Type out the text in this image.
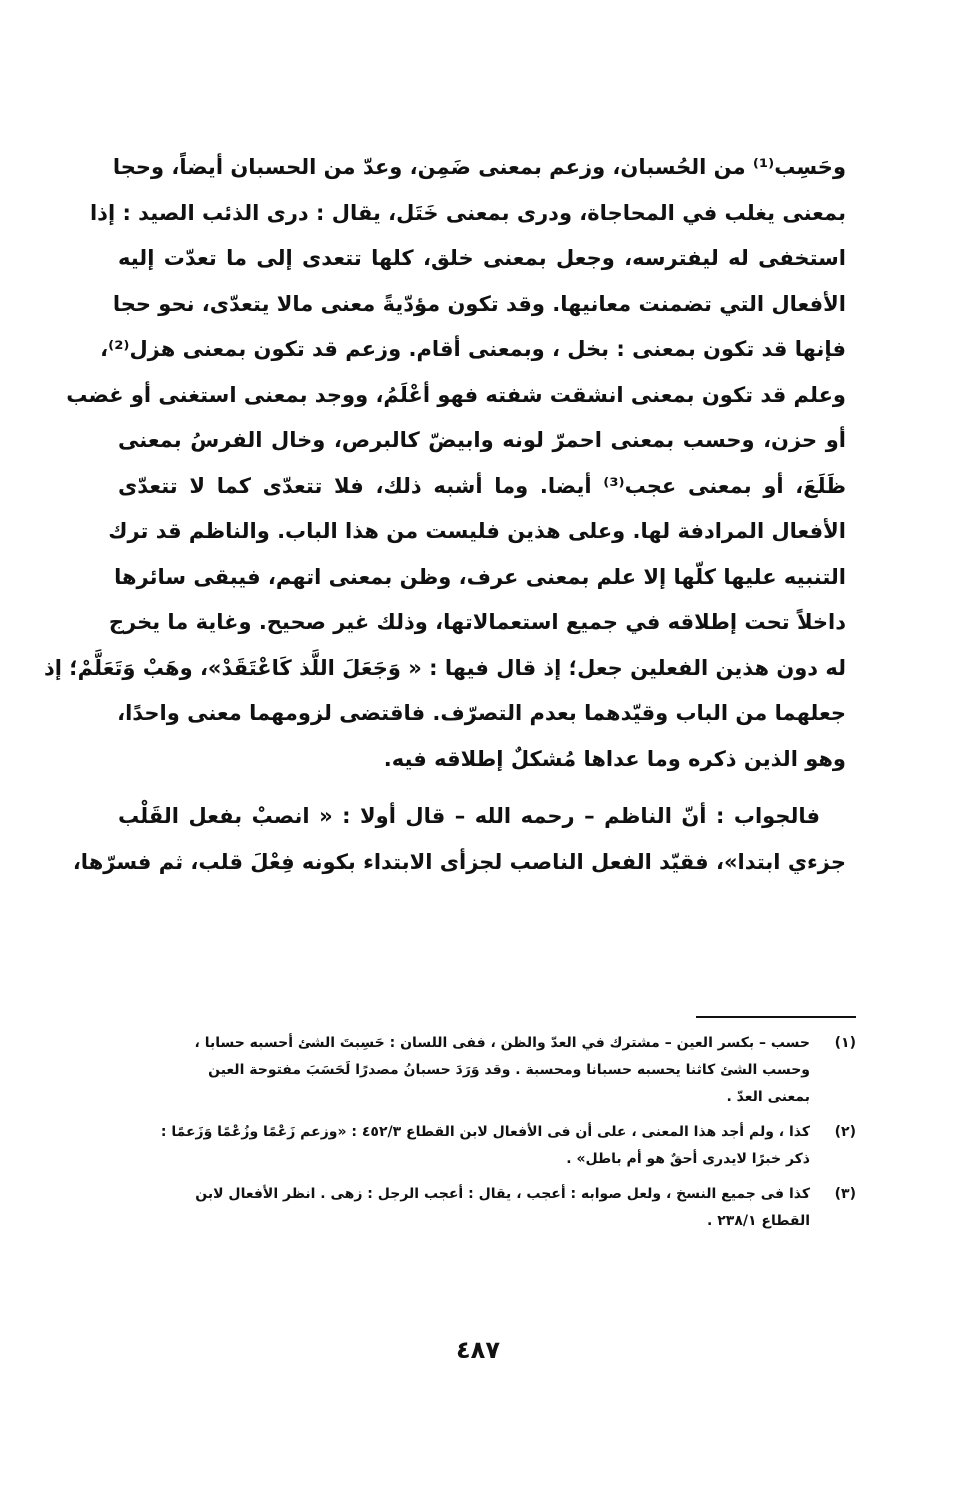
وحَسِب⁽¹⁾ من الحُسبان، وزعم بمعنى ضَمِن، وعدّ من الحسبان أيضاً، وحجا
بمعنى يغلب في المحاجاة، ودرى بمعنى خَتَل، يقال : درى الذئب الصيد : إذا
استخفى له ليفترسه، وجعل بمعنى خلق، كلها تتعدى إلى ما تعدّت إليه
الأفعال التي تضمنت معانيها. وقد تكون مؤدّيةً معنى مالا يتعدّى، نحو حجا
فإنها قد تكون بمعنى : بخل ، وبمعنى أقام. وزعم قد تكون بمعنى هزل⁽²⁾،
وعلم قد تكون بمعنى انشقت شفته فهو أعْلَمُ، ووجد بمعنى استغنى أو غضب
أو حزن، وحسب بمعنى احمرّ لونه وابيضّ كالبرص، وخال الفرسُ بمعنى
ظَلَعَ، أو بمعنى عجب⁽³⁾ أيضا. وما أشبه ذلك، فلا تتعدّى كما لا تتعدّى
الأفعال المرادفة لها. وعلى هذين فليست من هذا الباب. والناظم قد ترك
التنبيه عليها كلّها إلا علم بمعنى عرف، وظن بمعنى اتهم، فيبقى سائرها
داخلاً تحت إطلاقه في جميع استعمالاتها، وذلك غير صحيح. وغاية ما يخرج
له دون هذين الفعلين جعل؛ إذ قال فيها : « وَجَعَلَ اللَّذ كَاعْتَقَدْ»، وهَبْ وَتَعَلَّمْ؛ إذ
جعلهما من الباب وقيّدهما بعدم التصرّف. فاقتضى لزومهما معنى واحدًا،
وهو الذين ذكره وما عداها مُشكلٌ إطلاقه فيه.

فالجواب : أنّ الناظم – رحمه الله – قال أولا : « انصبْ بفعل القَلْب
جزءي ابتدا»، فقيّد الفعل الناصب لجزأى الابتداء بكونه فِعْلَ قلب، ثم فسرّها،

(١)
حسب – بكسر العين – مشترك في العدّ والظن ، ففى اللسان : حَسِبتَ الشئ أحسبه حسابا ،
وحسب الشئ كاثنا يحسبه حسبانا ومحسبة . وقد وَرَدَ حسبانُ مصدرًا لَحَسَبَ مفتوحة العين
بمعنى العدّ .
(٢)
كذا ، ولم أجد هذا المعنى ، على أن فى الأفعال لابن القطاع ٤٥٢/٣ : «وزعم زَعْمًا وزُعْمًا وَزَعمًا :
ذكر خبرًا لايدرى أحقٌ هو أم باطل» .
(٣)
كذا فى جميع النسخ ، ولعل صوابه : أعجب ، يقال : أعجب الرجل : زهى . انظر الأفعال لابن
القطاع ٢٣٨/١ .
٤٨٧
